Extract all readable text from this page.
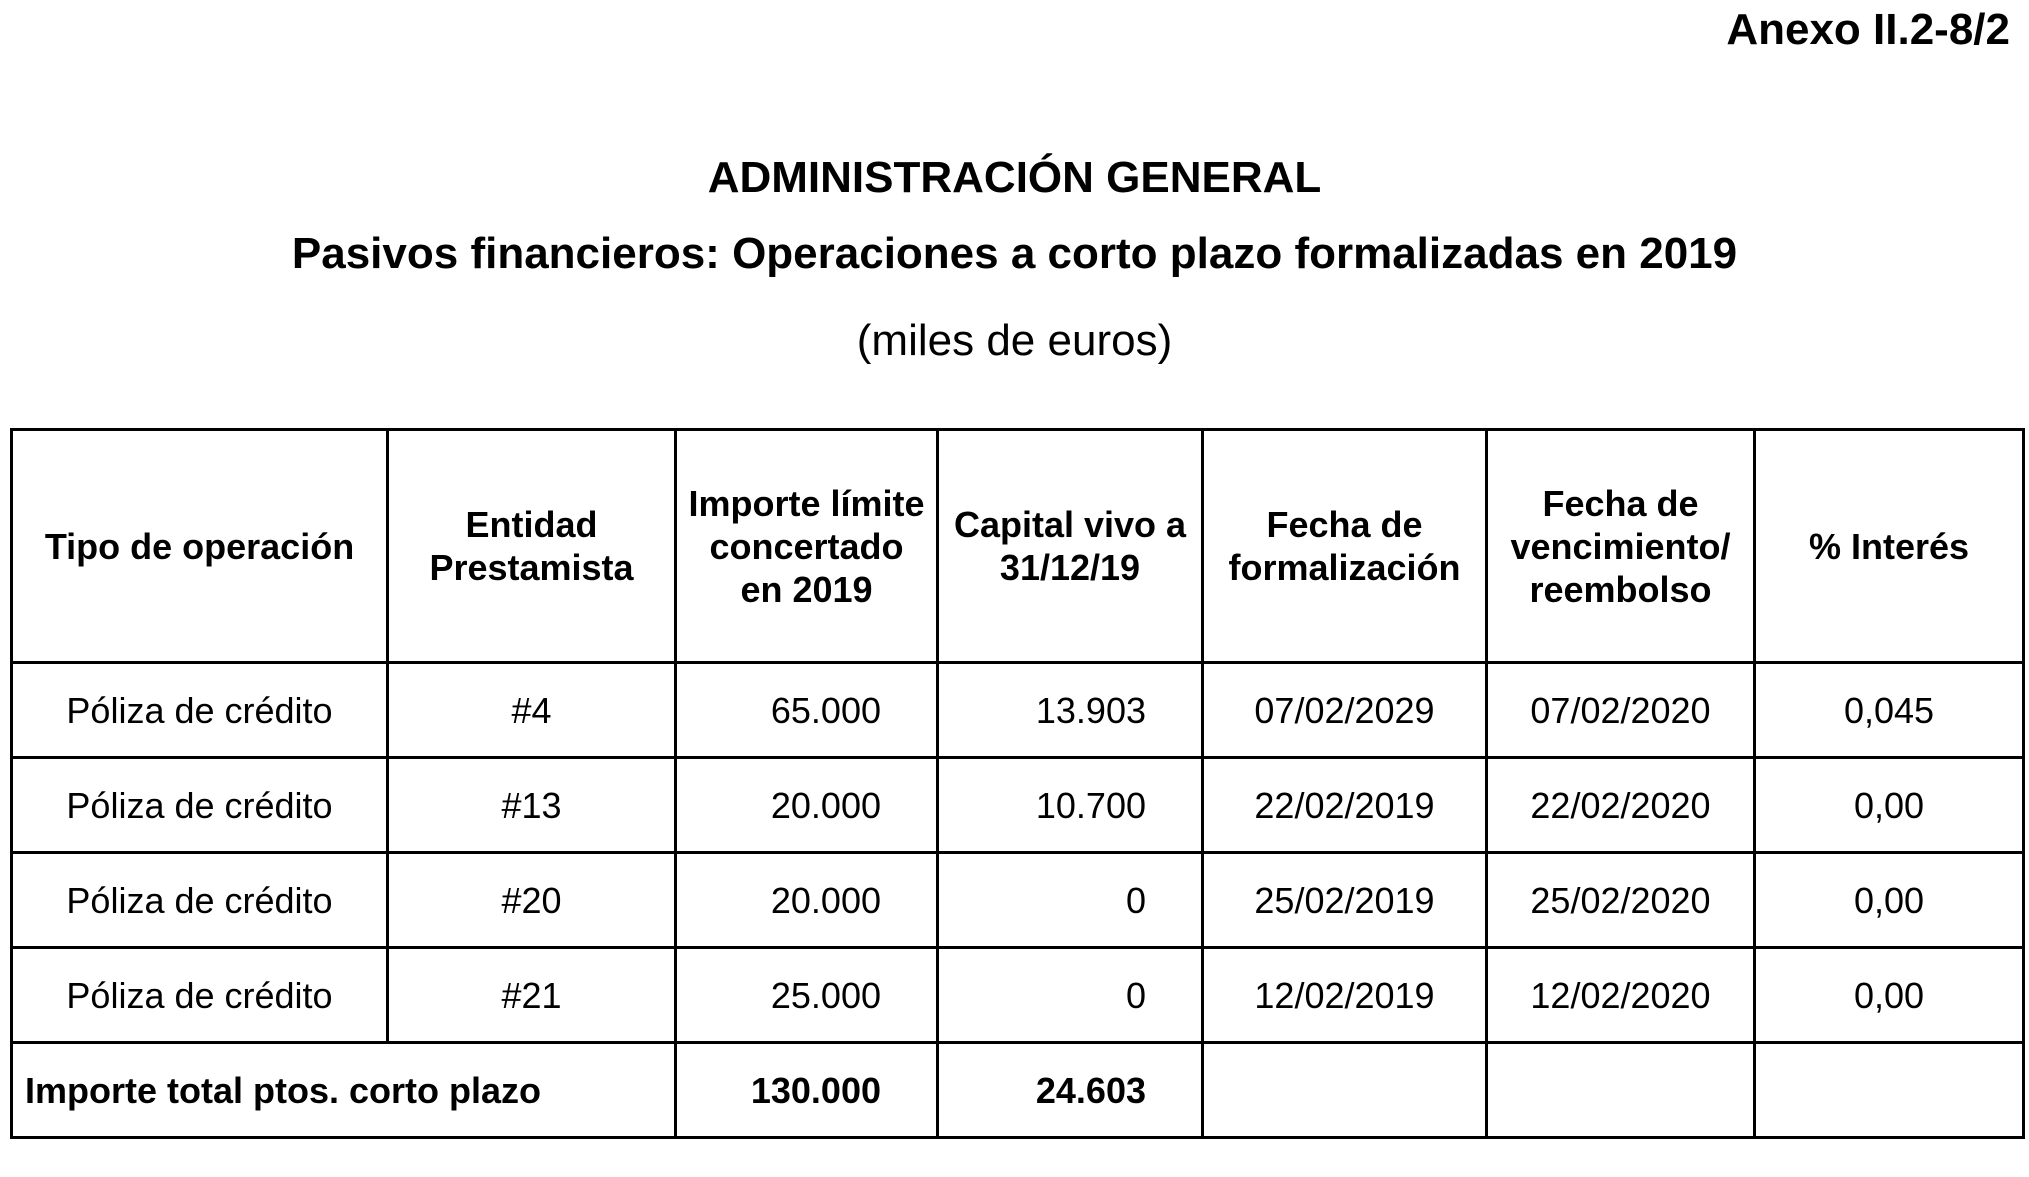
Anexo II.2-8/2
ADMINISTRACIÓN GENERAL
Pasivos financieros: Operaciones a corto plazo formalizadas en 2019
(miles de euros)
Tipo de operación	Entidad Prestamista	Importe límite concertado en 2019	Capital vivo a 31/12/19	Fecha de formalización	Fecha de vencimiento/ reembolso	% Interés
Póliza de crédito	#4	65.000	13.903	07/02/2029	07/02/2020	0,045
Póliza de crédito	#13	20.000	10.700	22/02/2019	22/02/2020	0,00
Póliza de crédito	#20	20.000	0	25/02/2019	25/02/2020	0,00
Póliza de crédito	#21	25.000	0	12/02/2019	12/02/2020	0,00
Importe total ptos. corto plazo		130.000	24.603			
